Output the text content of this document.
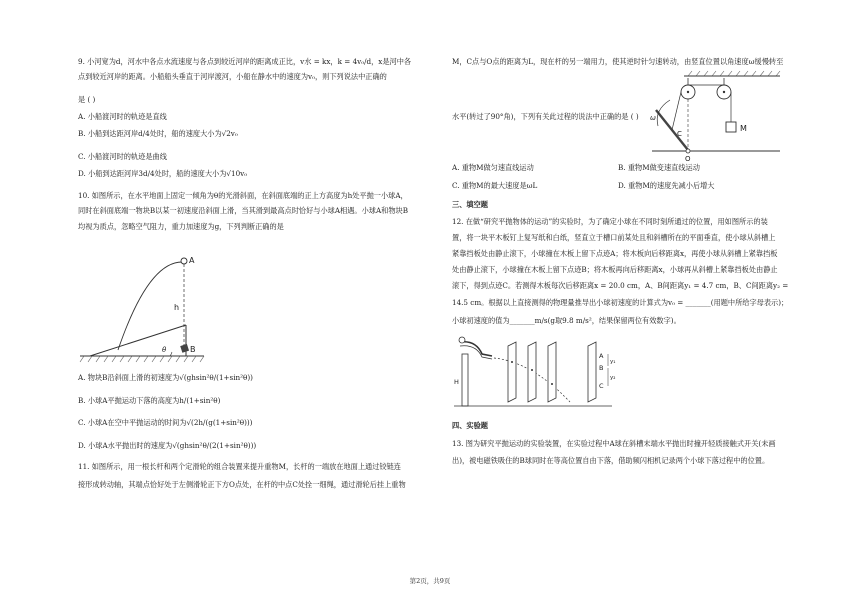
9. 小河宽为d，河水中各点水流速度与各点到较近河岸的距离成正比，v水 = kx，k = 4v₀/d，x是河中各
点到较近河岸的距离。小船船头垂直于河岸渡河，小船在静水中的速度为v₀，则下列说法中正确的
是 ( )
A. 小船渡河时的轨迹是直线
B. 小船到达距河岸d/4处时，船的速度大小为√2v₀
C. 小船渡河时的轨迹是曲线
D. 小船到达距河岸3d/4处时，船的速度大小为√10v₀
10. 如图所示，在水平地面上固定一倾角为θ的光滑斜面，在斜面底端的正上方高度为h处平抛一小球A，
同时在斜面底端一物块B以某一初速度沿斜面上滑，当其滑到最高点时恰好与小球A相遇。小球A和物块B
均视为质点，忽略空气阻力，重力加速度为g，下列判断正确的是
A
h
B
θ
A. 物块B沿斜面上滑的初速度为√(ghsin²θ/(1+sin²θ))
B. 小球A平抛运动下落的高度为h/(1+sin²θ)
C. 小球A在空中平抛运动的时间为√(2h/(g(1+sin²θ)))
D. 小球A水平抛出时的速度为√(ghsin²θ/(2(1+sin²θ)))
11. 如图所示，用一根长杆和两个定滑轮的组合装置来提升重物M，长杆的一端放在地面上通过铰链连
接形成转动轴，其端点恰好处于左侧滑轮正下方O点处，在杆的中点C处拴一细绳，通过滑轮后挂上重物
M，C点与O点的距离为L，现在杆的另一端用力，使其逆时针匀速转动，由竖直位置以角速度ω缓慢转至
M
C
ω
O
水平(转过了90°角)，下列有关此过程的说法中正确的是 ( )
A. 重物M做匀速直线运动	B. 重物M做变速直线运动
C. 重物M的最大速度是ωL	D. 重物M的速度先减小后增大
三、填空题
12. 在做“研究平抛物体的运动”的实验时，为了确定小球在不同时刻所通过的位置，用如图所示的装
置，将一块平木板钉上复写纸和白纸，竖直立于槽口前某处且和斜槽所在的平面垂直，使小球从斜槽上
紧靠挡板处由静止滚下，小球撞在木板上留下点迹A；将木板向后移距离x，再使小球从斜槽上紧靠挡板
处由静止滚下，小球撞在木板上留下点迹B；将木板再向后移距离x，小球再从斜槽上紧靠挡板处由静止
滚下，得到点迹C。若测得木板每次后移距离x = 20.0 cm，A、B间距离y₁ = 4.7 cm，B、C间距离y₂ =
14.5 cm。根据以上直接测得的物理量推导出小球初速度的计算式为v₀ = _______(用题中所给字母表示)；
小球初速度的值为_______m/s(g取9.8 m/s²，结果保留两位有效数字)。
H
A
B
C
y₁
y₂
四、实验题
13. 图为研究平抛运动的实验装置，在实验过程中A球在斜槽末端水平抛出时撞开轻质接触式开关(未画
出)，被电磁铁吸住的B球同时在等高位置自由下落，借助频闪相机记录两个小球下落过程中的位置。
第2页，共9页
